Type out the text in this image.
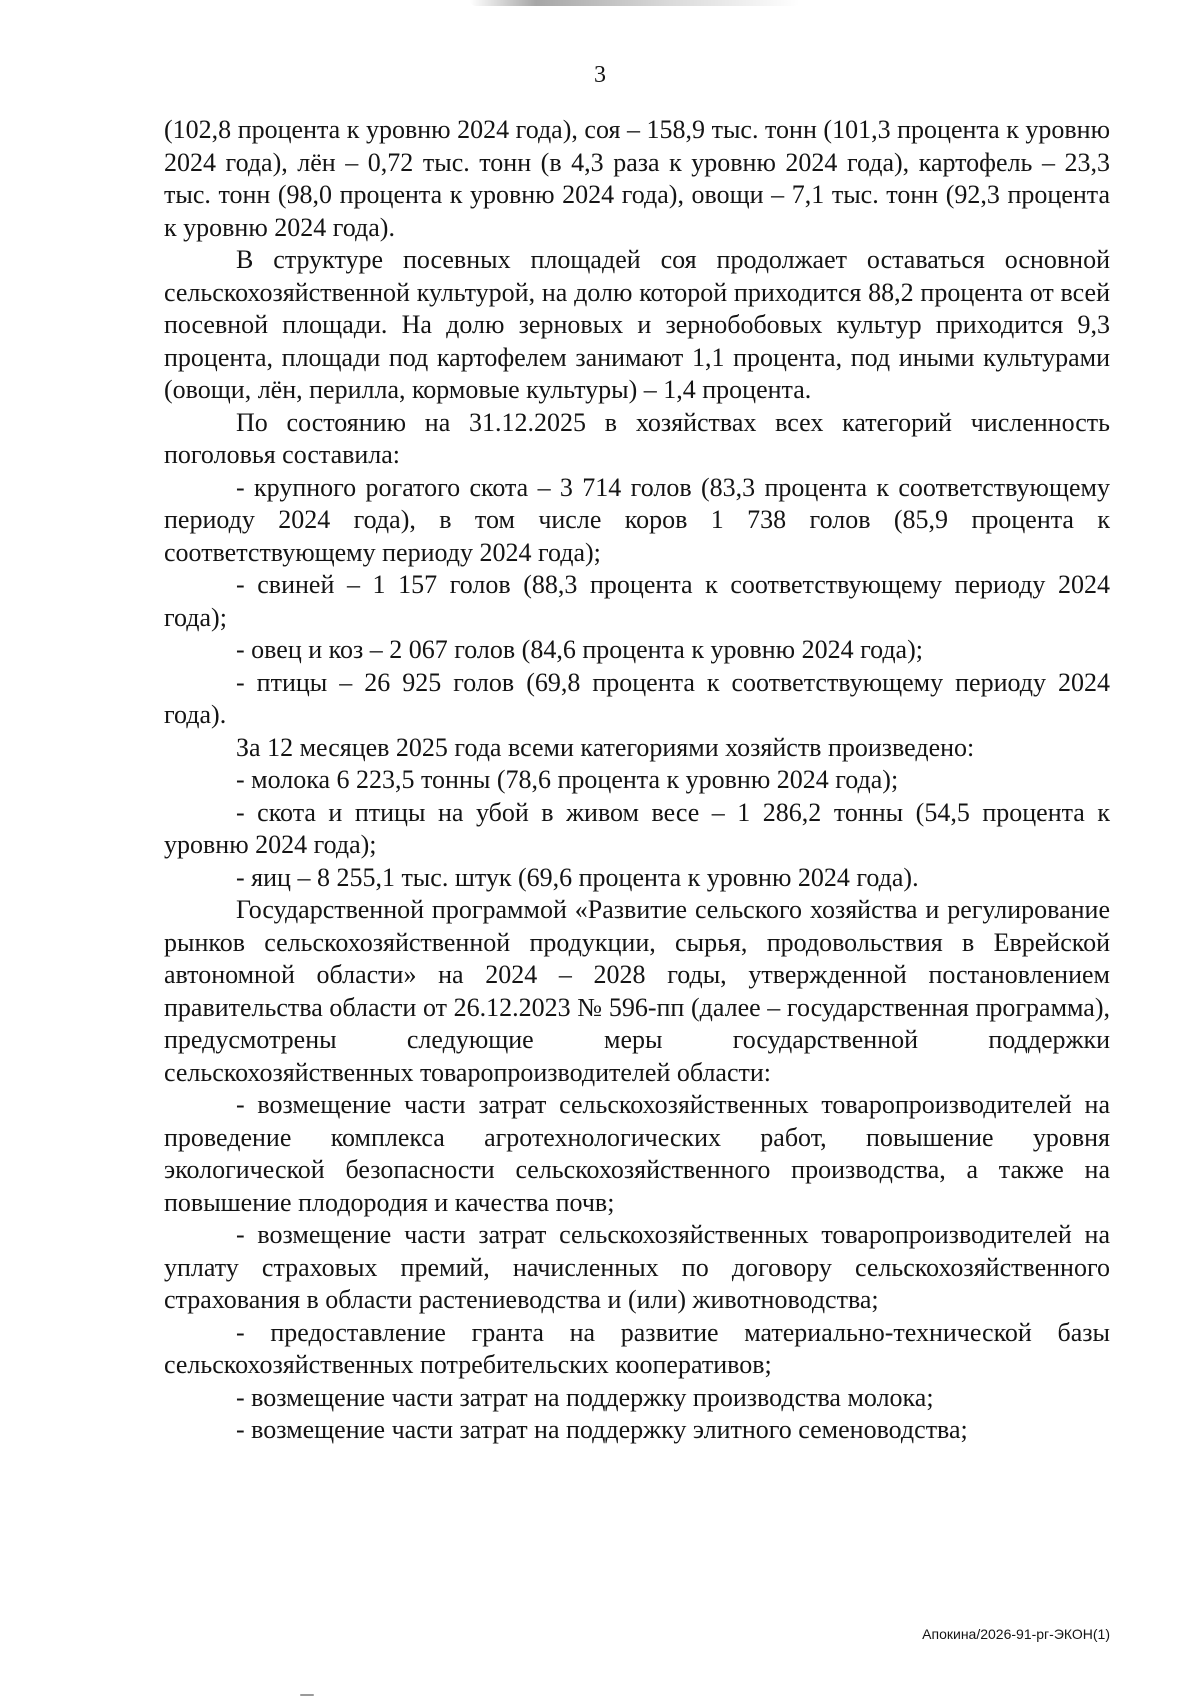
3

(102,8 процента к уровню 2024 года), соя – 158,9 тыс. тонн (101,3 процента к уровню 2024 года), лён – 0,72 тыс. тонн (в 4,3 раза к уровню 2024 года), картофель – 23,3 тыс. тонн (98,0 процента к уровню 2024 года), овощи – 7,1 тыс. тонн (92,3 процента к уровню 2024 года).

В структуре посевных площадей соя продолжает оставаться основной сельскохозяйственной культурой, на долю которой приходится 88,2 процента от всей посевной площади. На долю зерновых и зернобобовых культур приходится 9,3 процента, площади под картофелем занимают 1,1 процента, под иными культурами (овощи, лён, перилла, кормовые культуры) – 1,4 процента.

По состоянию на 31.12.2025 в хозяйствах всех категорий численность поголовья составила:

- крупного рогатого скота – 3 714 голов (83,3 процента к соответствующему периоду 2024 года), в том числе коров 1 738 голов (85,9 процента к соответствующему периоду 2024 года);

- свиней – 1 157 голов (88,3 процента к соответствующему периоду 2024 года);

- овец и коз – 2 067 голов (84,6 процента к уровню 2024 года);

- птицы – 26 925 голов (69,8 процента к соответствующему периоду 2024 года).

За 12 месяцев 2025 года всеми категориями хозяйств произведено:

- молока 6 223,5 тонны (78,6 процента к уровню 2024 года);

- скота и птицы на убой в живом весе – 1 286,2 тонны (54,5 процента к уровню 2024 года);

- яиц – 8 255,1 тыс. штук (69,6 процента к уровню 2024 года).

Государственной программой «Развитие сельского хозяйства и регулирование рынков сельскохозяйственной продукции, сырья, продовольствия в Еврейской автономной области» на 2024 – 2028 годы, утвержденной постановлением правительства области от 26.12.2023 № 596-пп (далее – государственная программа), предусмотрены следующие меры государственной поддержки сельскохозяйственных товаропроизводителей области:

- возмещение части затрат сельскохозяйственных товаропроизводителей на проведение комплекса агротехнологических работ, повышение уровня экологической безопасности сельскохозяйственного производства, а также на повышение плодородия и качества почв;

- возмещение части затрат сельскохозяйственных товаропроизводителей на уплату страховых премий, начисленных по договору сельскохозяйственного страхования в области растениеводства и (или) животноводства;

- предоставление гранта на развитие материально-технической базы сельскохозяйственных потребительских кооперативов;

- возмещение части затрат на поддержку производства молока;

- возмещение части затрат на поддержку элитного семеноводства;

Апокина/2026-91-рг-ЭКОН(1)
